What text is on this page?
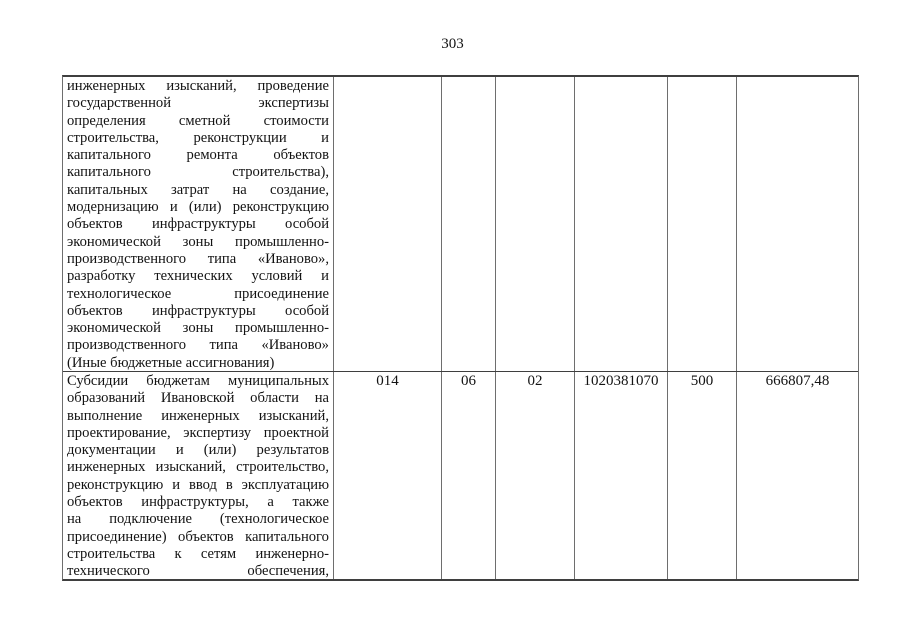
303
инженерных изысканий, проведение
государственной	экспертизы
определения сметной стоимости
строительства, реконструкции и
капитального ремонта объектов
капитального	строительства),
капитальных затрат на создание,
модернизацию и (или) реконструкцию
объектов инфраструктуры особой
экономической зоны промышленно-
производственного типа «Иваново»,
разработку технических условий и
технологическое	присоединение
объектов инфраструктуры особой
экономической зоны промышленно-
производственного типа «Иваново»
(Иные бюджетные ассигнования)
Субсидии бюджетам муниципальных
образований Ивановской области на
выполнение инженерных изысканий,
проектирование, экспертизу проектной
документации и (или) результатов
инженерных изысканий, строительство,
реконструкцию и ввод в эксплуатацию
объектов инфраструктуры, а также
на подключение (технологическое
присоединение) объектов капитального
строительства к сетям инженерно-
технического	обеспечения,
014	06	02	1020381070	500	666807,48
